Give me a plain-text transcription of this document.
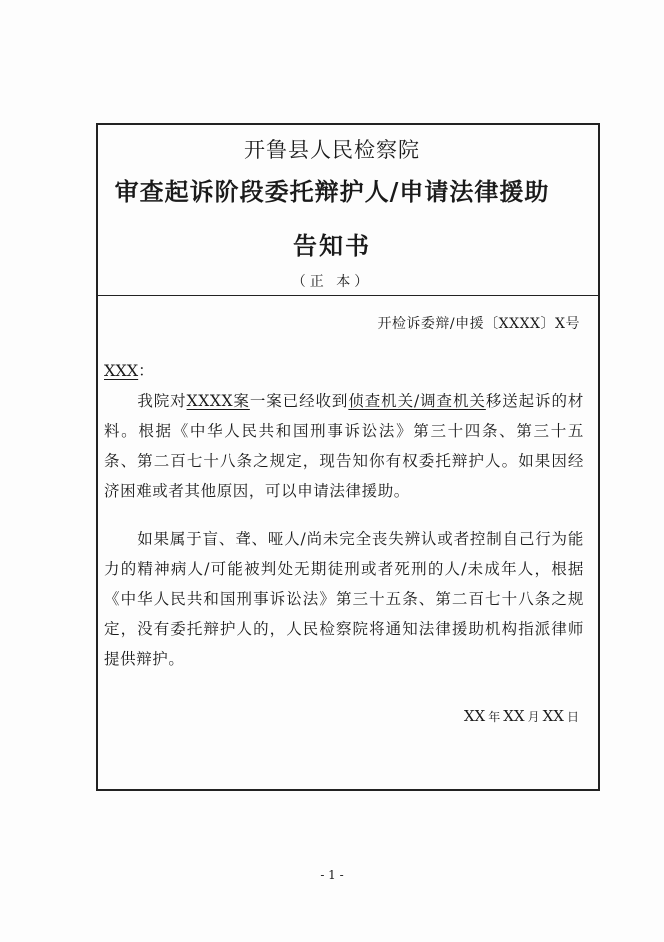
开鲁县人民检察院
审查起诉阶段委托辩护人/申请法律援助
告知书
（正 本）
开检诉委辩/申援〔XXXX〕X号
XXX：
我院对XXXX案一案已经收到侦查机关/调查机关移送起诉的材料。根据《中华人民共和国刑事诉讼法》第三十四条、第三十五条、第二百七十八条之规定，现告知你有权委托辩护人。如果因经济困难或者其他原因，可以申请法律援助。
如果属于盲、聋、哑人/尚未完全丧失辨认或者控制自己行为能力的精神病人/可能被判处无期徒刑或者死刑的人/未成年人，根据《中华人民共和国刑事诉讼法》第三十五条、第二百七十八条之规定，没有委托辩护人的，人民检察院将通知法律援助机构指派律师提供辩护。
XX 年 XX 月 XX 日
- 1 -
